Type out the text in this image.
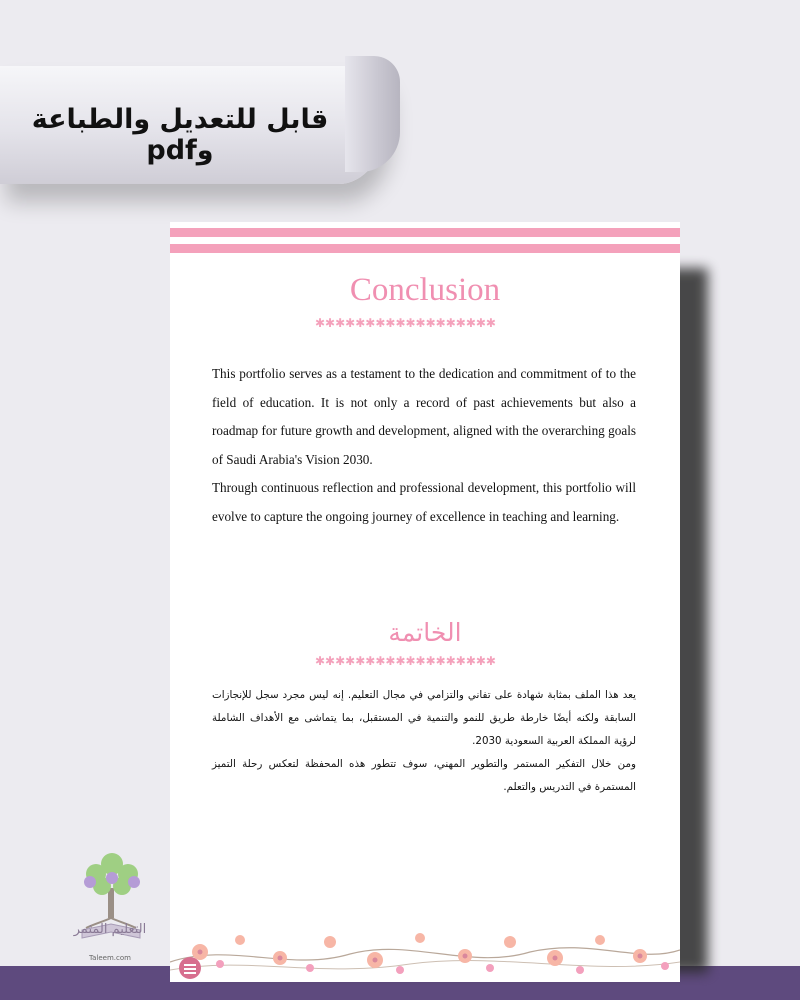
قابل للتعديل والطباعة وpdf
Conclusion
✱✱✱✱✱✱✱✱✱✱✱✱✱✱✱✱✱✱

This portfolio serves as a testament to the dedication and commitment of to the field of education. It is not only a record of past achievements but also a roadmap for future growth and development, aligned with the overarching goals of Saudi Arabia's Vision 2030.

Through continuous reflection and professional development, this portfolio will evolve to capture the ongoing journey of excellence in teaching and learning.

الخاتمة
✱✱✱✱✱✱✱✱✱✱✱✱✱✱✱✱✱✱

يعد هذا الملف بمثابة شهادة على تفاني والتزامي في مجال التعليم. إنه ليس مجرد سجل للإنجازات السابقة ولكنه أيضًا خارطة طريق للنمو والتنمية في المستقبل، بما يتماشى مع الأهداف الشاملة لرؤية المملكة العربية السعودية 2030.

ومن خلال التفكير المستمر والتطوير المهني، سوف تتطور هذه المحفظة لتعكس رحلة التميز المستمرة في التدريس والتعلم.

التعليم المثمر
Taleem.com
